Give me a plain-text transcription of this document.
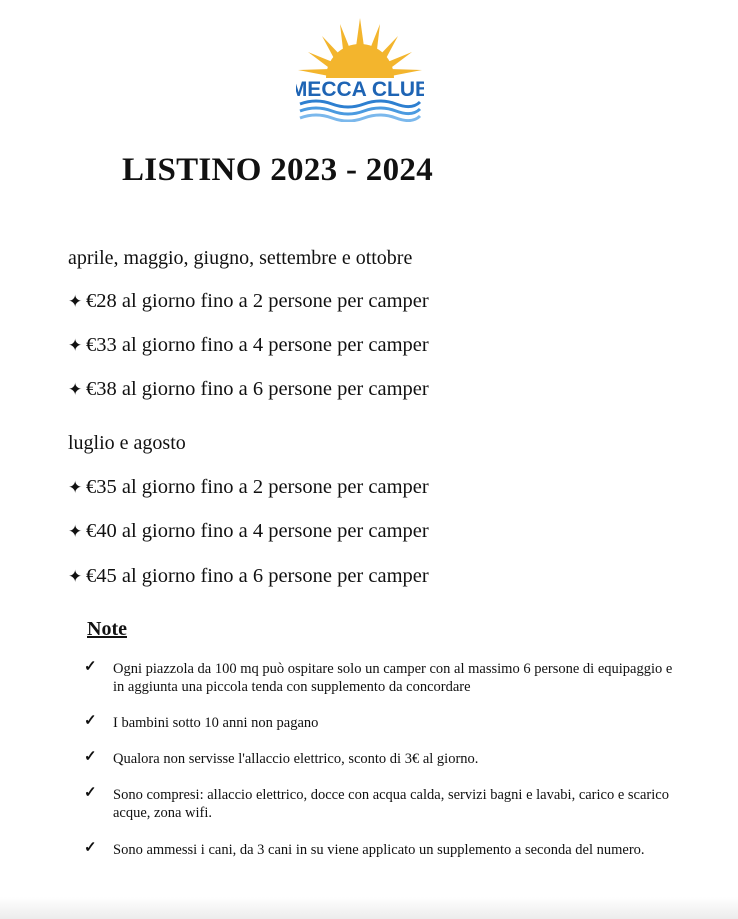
MECCA CLUB
LISTINO 2023 - 2024
aprile, maggio, giugno, settembre e ottobre
✦ €28 al giorno fino a 2 persone per camper
✦ €33 al giorno fino a 4 persone per camper
✦ €38 al giorno fino a 6 persone per camper
luglio e agosto
✦ €35 al giorno fino a 2 persone per camper
✦ €40 al giorno fino a 4 persone per camper
✦ €45 al giorno fino a 6 persone per camper
Note
✓ Ogni piazzola da 100 mq può ospitare solo un camper con al massimo 6 persone di equipaggio e in aggiunta una piccola tenda con supplemento da concordare
✓ I bambini sotto 10 anni non pagano
✓ Qualora non servisse l'allaccio elettrico, sconto di 3€ al giorno.
✓ Sono compresi: allaccio elettrico, docce con acqua calda, servizi bagni e lavabi, carico e scarico acque, zona wifi.
✓ Sono ammessi i cani, da 3 cani in su viene applicato un supplemento a seconda del numero.
